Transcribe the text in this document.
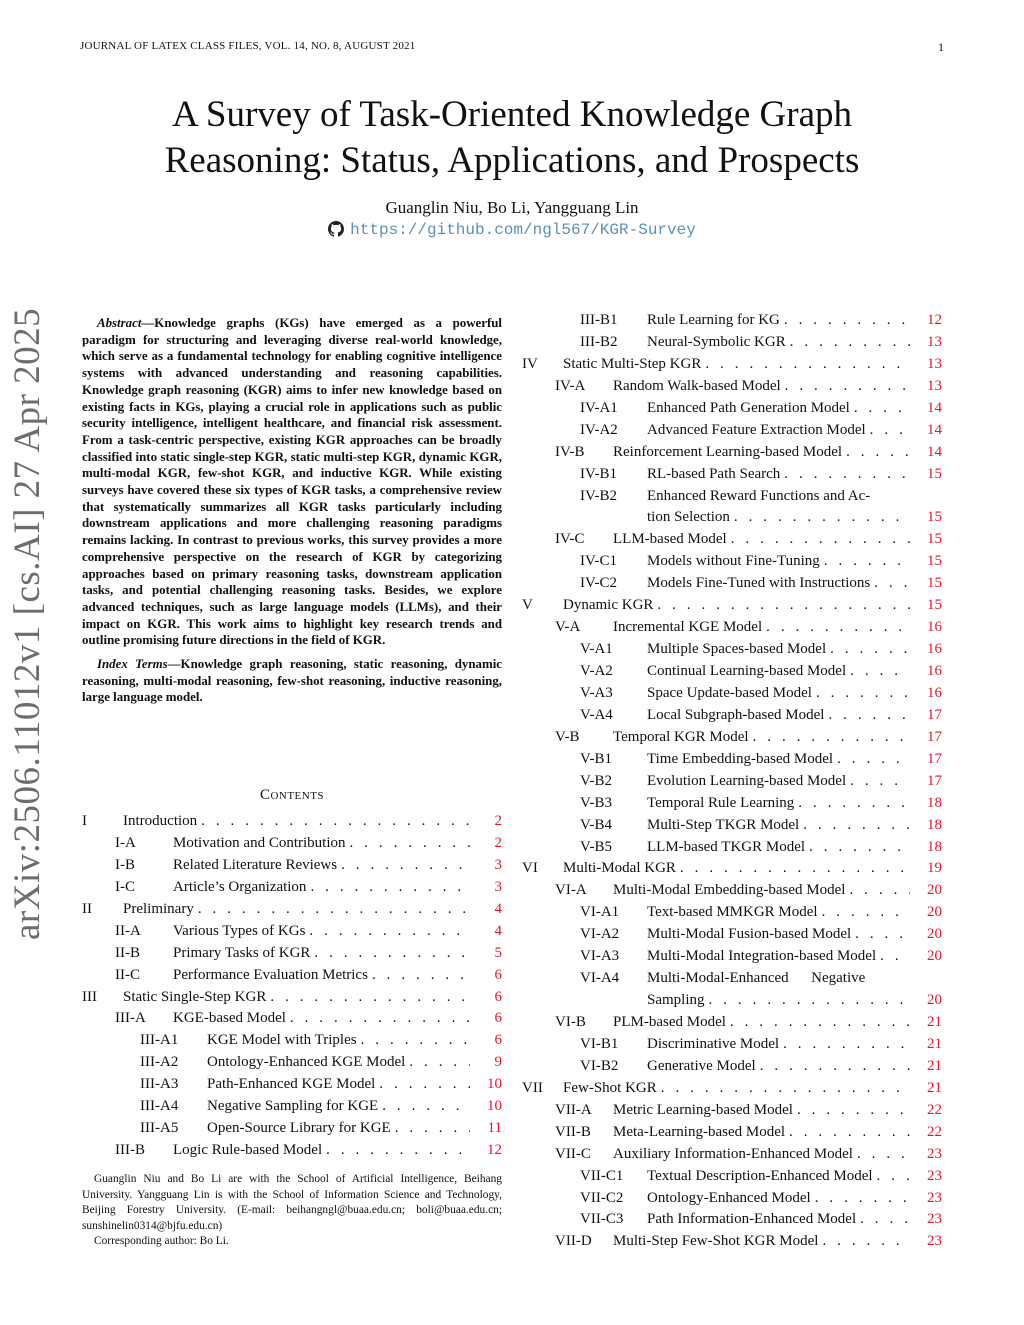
JOURNAL OF LATEX CLASS FILES, VOL. 14, NO. 8, AUGUST 2021	1
A Survey of Task-Oriented Knowledge Graph
Reasoning: Status, Applications, and Prospects
Guanglin Niu, Bo Li, Yangguang Lin
https://github.com/ngl567/KGR-Survey
arXiv:2506.11012v1 [cs.AI] 27 Apr 2025	Abstract—Knowledge graphs (KGs) have emerged as a powerful paradigm for structuring and leveraging diverse real-world knowledge, which serve as a fundamental technology for enabling cognitive intelligence systems with advanced understanding and reasoning capabilities. Knowledge graph reasoning (KGR) aims to infer new knowledge based on existing facts in KGs, playing a crucial role in applications such as public security intelligence, intelligent healthcare, and financial risk assessment. From a task-centric perspective, existing KGR approaches can be broadly classified into static single-step KGR, static multi-step KGR, dynamic KGR, multi-modal KGR, few-shot KGR, and inductive KGR. While existing surveys have covered these six types of KGR tasks, a comprehensive review that systematically summarizes all KGR tasks particularly including downstream applications and more challenging reasoning paradigms remains lacking. In contrast to previous works, this survey provides a more comprehensive perspective on the research of KGR by categorizing approaches based on primary reasoning tasks, downstream application tasks, and potential challenging reasoning tasks. Besides, we explore advanced techniques, such as large language models (LLMs), and their impact on KGR. This work aims to highlight key research trends and outline promising future directions in the field of KGR.

Index Terms—Knowledge graph reasoning, static reasoning, dynamic reasoning, multi-modal reasoning, few-shot reasoning, inductive reasoning, large language model.

Contents
I Introduction . . .	2
I-A Motivation and Contribution . . .	2
I-B	Related Literature Reviews . . .	3
I-C	Article’s Organization . . .	3
II Preliminary . . .	4
II-A Various Types of KGs . . .	4
II-B Primary Tasks of KGR . . .	5
II-C Performance Evaluation Metrics . . .	6
III Static Single-Step KGR . . .	6
III-A KGE-based Model . . .	6
III-A1 KGE Model with Triples . . .	6
III-A2 Ontology-Enhanced KGE Model . . .	9
III-A3 Path-Enhanced KGE Model . . .	10
III-A4 Negative Sampling for KGE . . .	10
III-A5 Open-Source Library for KGE . . .	11
III-B Logic Rule-based Model . . .	12
III-B1 Rule Learning for KG . . .	12
III-B2 Neural-Symbolic KGR . . .	13
IV Static Multi-Step KGR . . .	13
IV-A Random Walk-based Model . . .	13
IV-A1 Enhanced Path Generation Model . . .	14
IV-A2 Advanced Feature Extraction Model . . .	14
IV-B Reinforcement Learning-based Model . . .	14
IV-B1 RL-based Path Search . . .	15
IV-B2 Enhanced Reward Functions and Ac-
tion Selection . . .	15
IV-C LLM-based Model . . .	15
IV-C1 Models without Fine-Tuning . . .	15
IV-C2 Models Fine-Tuned with Instructions . . .	15
V Dynamic KGR . . .	15
V-A Incremental KGE Model . . .	16
V-A1 Multiple Spaces-based Model . . .	16
V-A2 Continual Learning-based Model . . .	16
V-A3 Space Update-based Model . . .	16
V-A4 Local Subgraph-based Model . . .	17
V-B Temporal KGR Model . . .	17
V-B1 Time Embedding-based Model . . .	17
V-B2 Evolution Learning-based Model . . .	17
V-B3 Temporal Rule Learning . . .	18
V-B4 Multi-Step TKGR Model . . .	18
V-B5 LLM-based TKGR Model . . .	18
VI Multi-Modal KGR . . .	19
VI-A Multi-Modal Embedding-based Model . . .	20
VI-A1 Text-based MMKGR Model . . .	20
VI-A2 Multi-Modal Fusion-based Model . . .	20
VI-A3 Multi-Modal Integration-based Model . . .	20
VI-A4 Multi-Modal-Enhanced      Negative
Sampling . . .	20
VI-B PLM-based Model . . .	21
VI-B1 Discriminative Model . . .	21
VI-B2 Generative Model . . .	21
VII Few-Shot KGR . . .	21
VII-A Metric Learning-based Model . . .	22
VII-B Meta-Learning-based Model . . .	22
VII-C Auxiliary Information-Enhanced Model . . .	23
VII-C1 Textual Description-Enhanced Model . . .	23
VII-C2 Ontology-Enhanced Model . . .	23
VII-C3 Path Information-Enhanced Model . . .	23
VII-D Multi-Step Few-Shot KGR Model . . .	23

Guanglin Niu and Bo Li are with the School of Artificial Intelligence, Beihang University. Yangguang Lin is with the School of Information Science and Technology, Beijing Forestry University. (E-mail: beihangngl@buaa.edu.cn; boli@buaa.edu.cn; sunshinelin0314@bjfu.edu.cn)

Corresponding author: Bo Li.
